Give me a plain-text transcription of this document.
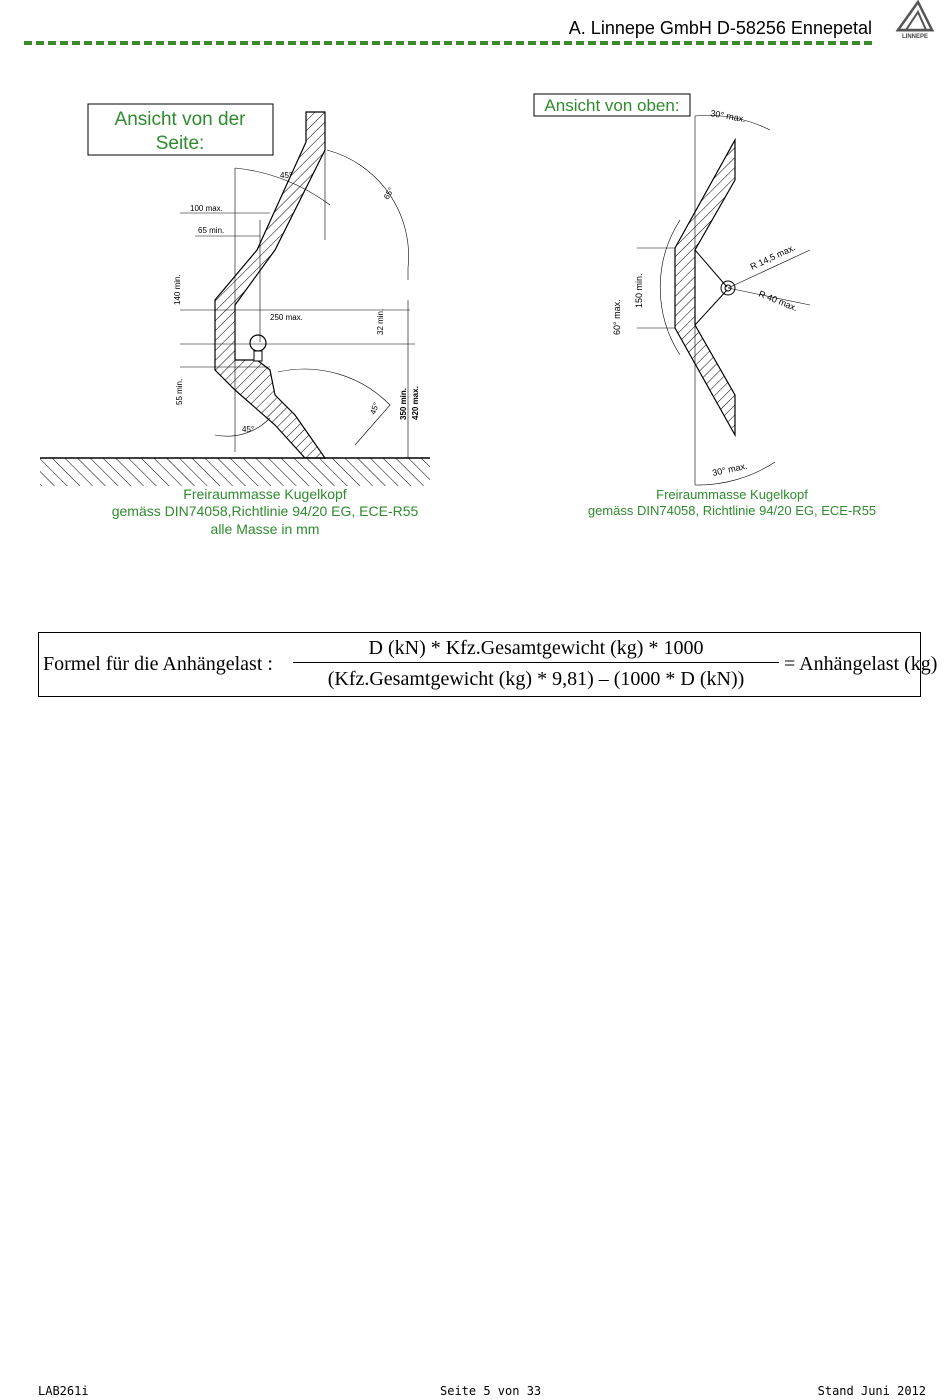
A. Linnepe GmbH D-58256 Ennepetal	LINNEPE
Ansicht von der
Seite:
45°
65°
100 max.
65 min.
140 min.
250 max.	32 min.
55 min.
45°
45°
350 min. 420 max.
Freiraummasse Kugelkopf
gemäss DIN74058,Richtlinie 94/20 EG, ECE-R55
alle Masse in mm
Ansicht von oben:
30° max.
60° max.
150 min.
R 14,5 max.
R 40 max.
30° max.
Freiraummasse Kugelkopf
gemäss DIN74058, Richtlinie 94/20 EG, ECE-R55
Formel für die Anhängelast :
D (kN) * Kfz.Gesamtgewicht (kg) * 1000
(Kfz.Gesamtgewicht (kg) * 9,81) – (1000 * D (kN))
= Anhängelast (kg)
LAB261i	Seite 5 von 33	Stand Juni 2012
